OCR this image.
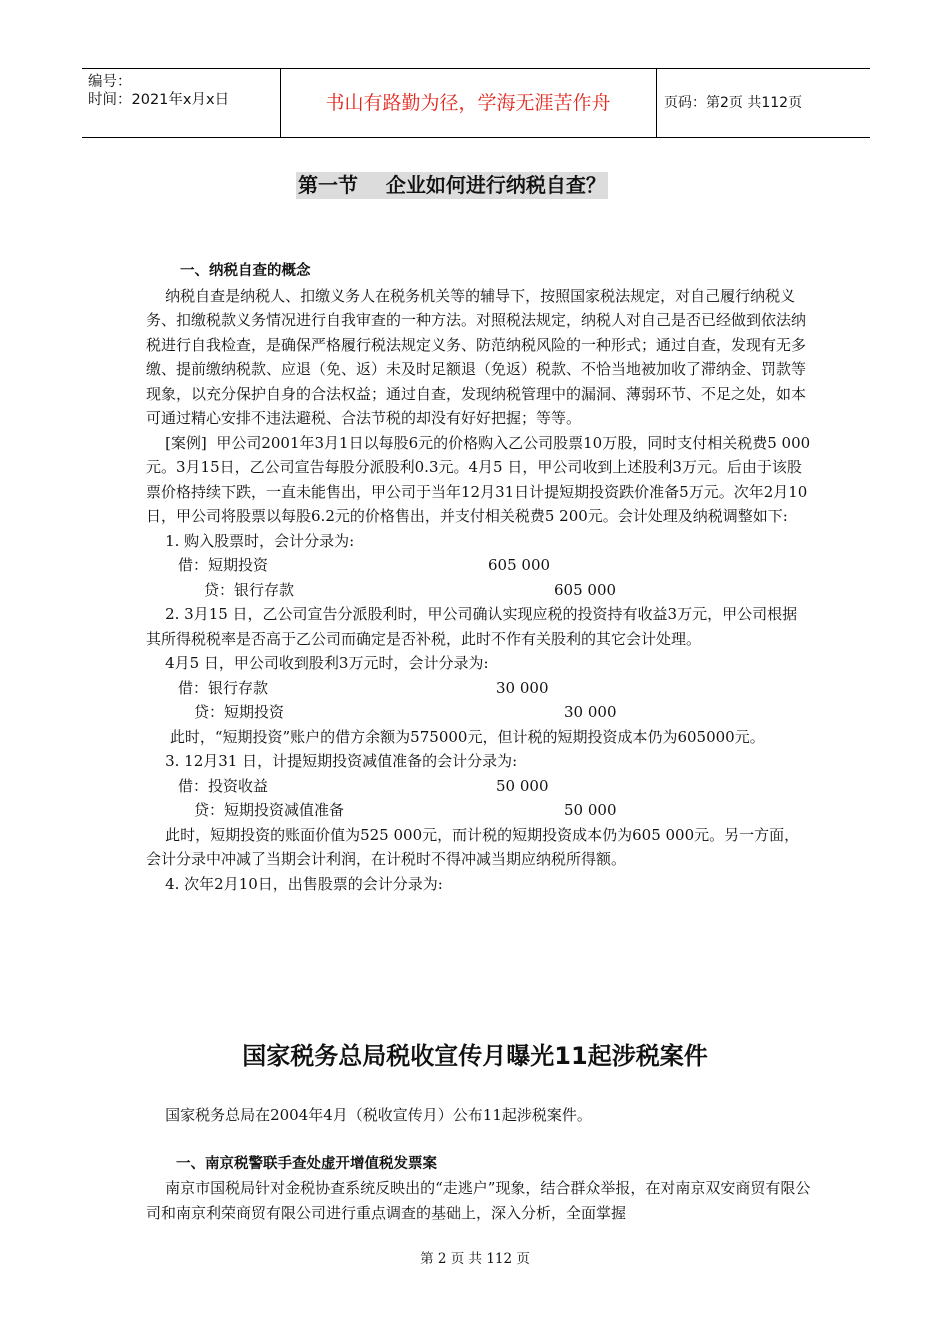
编号：
时间：2021年x月x日	书山有路勤为径，学海无涯苦作舟	页码：第2页 共112页
第一节    企业如何进行纳税自查？

一、纳税自查的概念

纳税自查是纳税人、扣缴义务人在税务机关等的辅导下，按照国家税法规定，对自己履行纳税义务、扣缴税款义务情况进行自我审查的一种方法。对照税法规定，纳税人对自己是否已经做到依法纳税进行自我检查，是确保严格履行税法规定义务、防范纳税风险的一种形式；通过自查，发现有无多缴、提前缴纳税款、应退（免、返）未及时足额退（免返）税款、不恰当地被加收了滞纳金、罚款等现象，以充分保护自身的合法权益；通过自查，发现纳税管理中的漏洞、薄弱环节、不足之处，如本可通过精心安排不违法避税、合法节税的却没有好好把握；等等。

[案例]  甲公司2001年3月1日以每股6元的价格购入乙公司股票10万股，同时支付相关税费5 000元。3月15日，乙公司宣告每股分派股利0.3元。4月5 日，甲公司收到上述股利3万元。后由于该股票价格持续下跌，一直未能售出，甲公司于当年12月31日计提短期投资跌价准备5万元。次年2月10日，甲公司将股票以每股6.2元的价格售出，并支付相关税费5 200元。会计处理及纳税调整如下:

1. 购入股票时，会计分录为:

借：短期投资	605 000
贷：银行存款	605 000

2. 3月15 日，乙公司宣告分派股利时，甲公司确认实现应税的投资持有收益3万元，甲公司根据其所得税税率是否高于乙公司而确定是否补税，此时不作有关股利的其它会计处理。

4月5 日，甲公司收到股利3万元时，会计分录为:

借：银行存款	30 000
贷：短期投资	30 000

此时，“短期投资”账户的借方余额为575000元，但计税的短期投资成本仍为605000元。

3. 12月31 日，计提短期投资减值准备的会计分录为:

借：投资收益	50 000
贷：短期投资减值准备	50 000

此时，短期投资的账面价值为525 000元，而计税的短期投资成本仍为605 000元。另一方面，会计分录中冲减了当期会计利润，在计税时不得冲减当期应纳税所得额。

4. 次年2月10日，出售股票的会计分录为:

国家税务总局税收宣传月曝光11起涉税案件

国家税务总局在2004年4月（税收宣传月）公布11起涉税案件。

一、南京税警联手查处虚开增值税发票案

南京市国税局针对金税协查系统反映出的“走逃户”现象，结合群众举报，在对南京双安商贸有限公司和南京利荣商贸有限公司进行重点调查的基础上，深入分析，全面掌握

第 2 页 共 112 页
